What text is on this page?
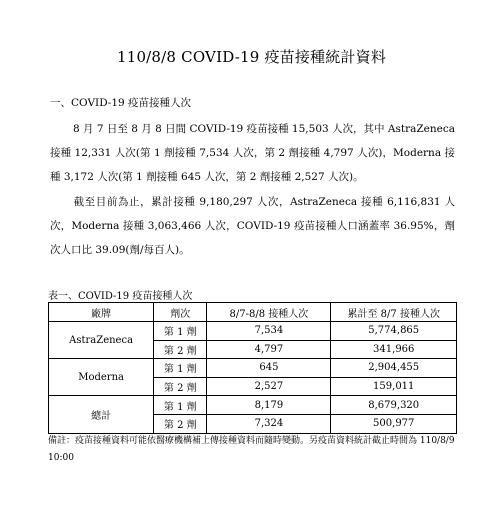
110/8/8 COVID-19 疫苗接種統計資料
一、COVID-19 疫苗接種人次
8 月 7 日至 8 月 8 日間 COVID-19 疫苗接種 15,503 人次，其中 AstraZeneca 接種 12,331 人次(第 1 劑接種 7,534 人次，第 2 劑接種 4,797 人次)，Moderna 接種 3,172 人次(第 1 劑接種 645 人次，第 2 劑接種 2,527 人次)。
截至目前為止，累計接種 9,180,297 人次，AstraZeneca 接種 6,116,831 人次，Moderna 接種 3,063,466 人次，COVID-19 疫苗接種人口涵蓋率 36.95%，劑次人口比 39.09(劑/每百人)。
表一、COVID-19 疫苗接種人次
廠牌	劑次	8/7-8/8 接種人次	累計至 8/7 接種人次
AstraZeneca	第 1 劑	7,534	5,774,865
	第 2 劑	4,797	341,966
Moderna	第 1 劑	645	2,904,455
	第 2 劑	2,527	159,011
總計	第 1 劑	8,179	8,679,320
	第 2 劑	7,324	500,977
備註：疫苗接種資料可能依醫療機構補上傳接種資料而隨時變動。另疫苗資料統計截止時間為 110/8/9 10:00
